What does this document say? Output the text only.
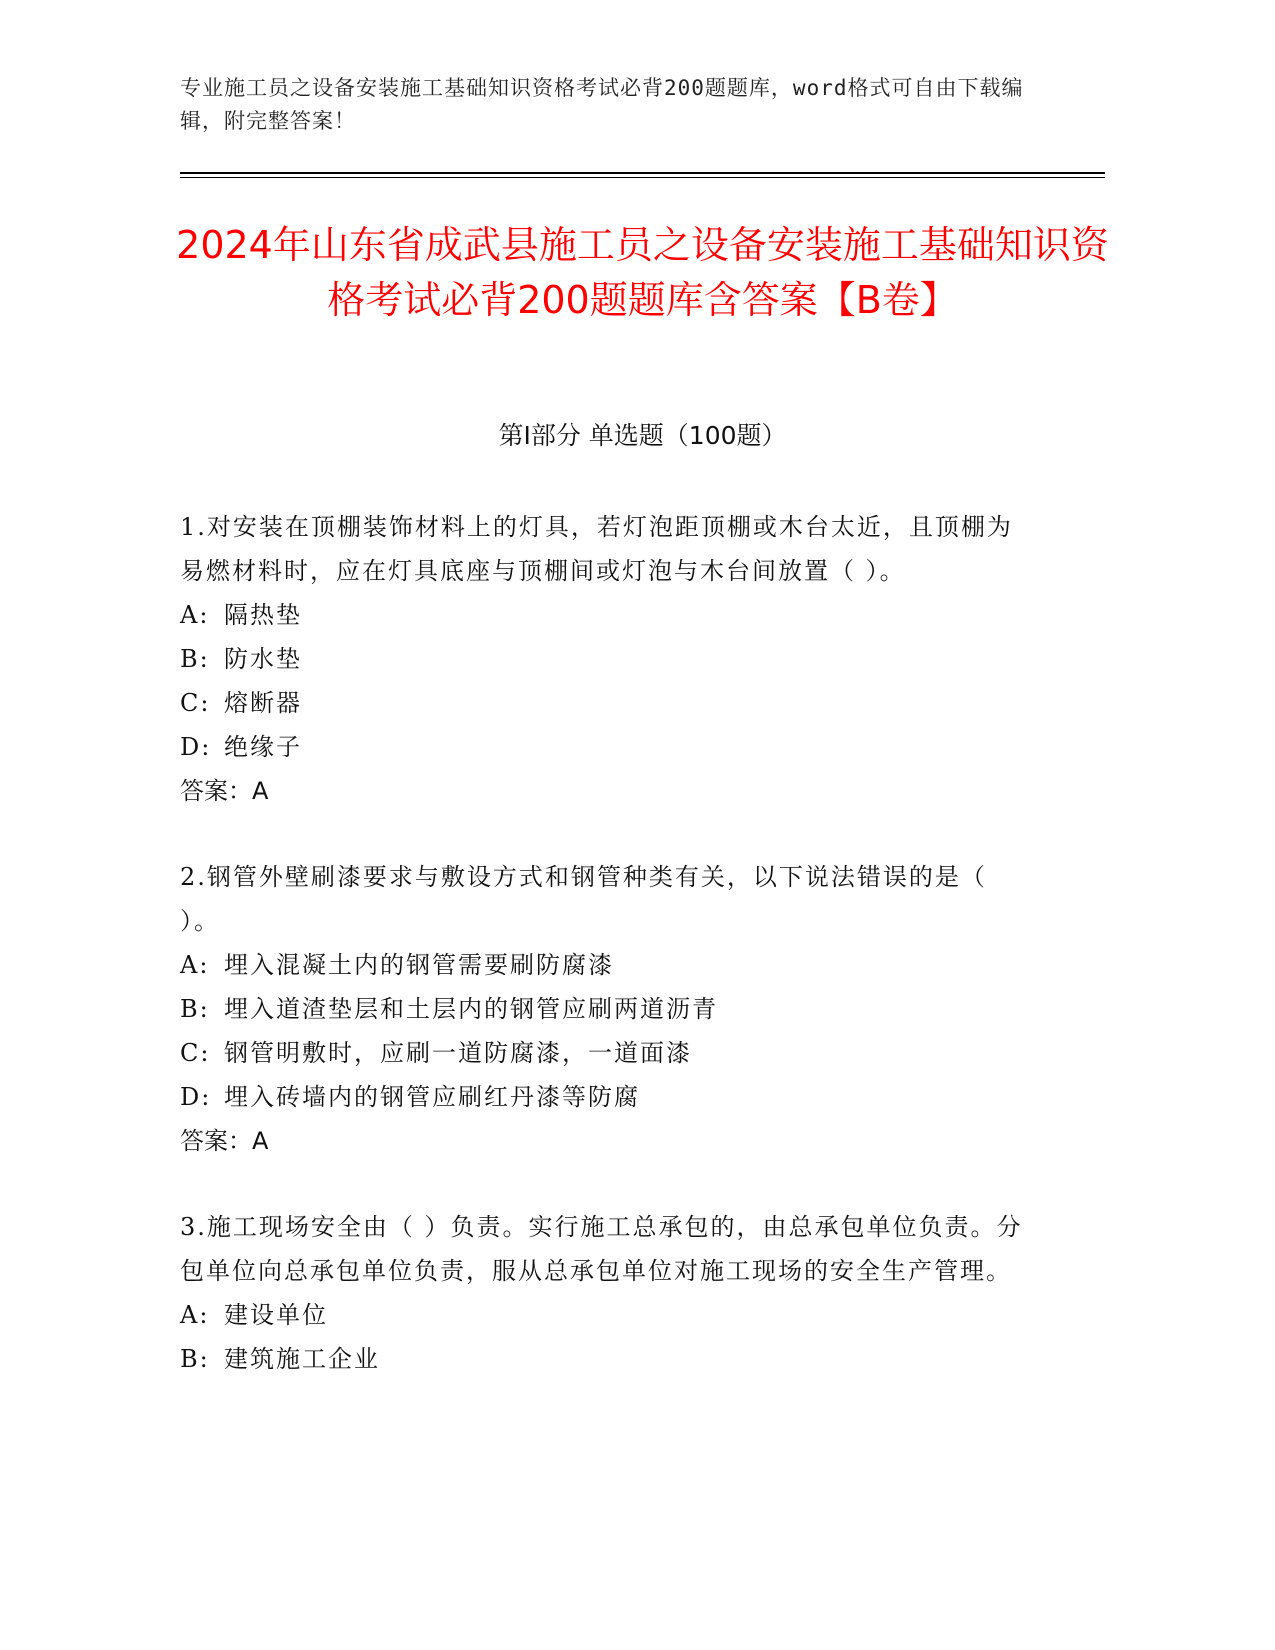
专业施工员之设备安装施工基础知识资格考试必背200题题库，word格式可自由下载编辑，附完整答案！
2024年山东省成武县施工员之设备安装施工基础知识资格考试必背200题题库含答案【B卷】
第Ⅰ部分 单选题（100题）

1.对安装在顶棚装饰材料上的灯具，若灯泡距顶棚或木台太近，且顶棚为易燃材料时，应在灯具底座与顶棚间或灯泡与木台间放置（ ）。

A: 隔热垫

B: 防水垫

C: 熔断器

D: 绝缘子

答案：A

2.钢管外壁刷漆要求与敷设方式和钢管种类有关，以下说法错误的是（ ）。

A: 埋入混凝土内的钢管需要刷防腐漆

B: 埋入道渣垫层和土层内的钢管应刷两道沥青

C: 钢管明敷时，应刷一道防腐漆，一道面漆

D: 埋入砖墙内的钢管应刷红丹漆等防腐

答案：A

3.施工现场安全由（ ）负责。实行施工总承包的，由总承包单位负责。分包单位向总承包单位负责，服从总承包单位对施工现场的安全生产管理。

A: 建设单位

B: 建筑施工企业
